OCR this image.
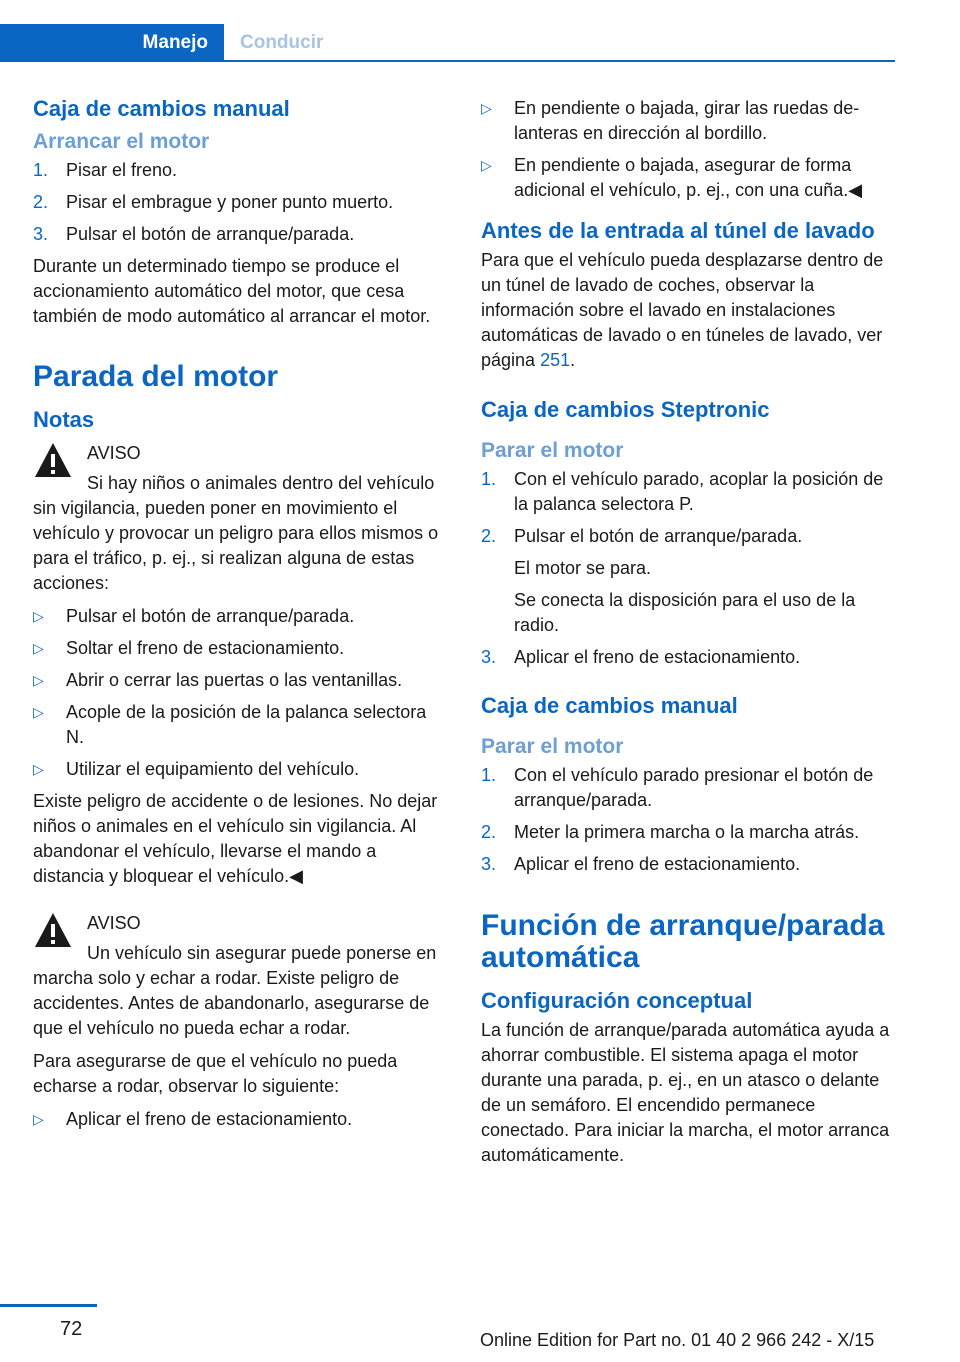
Manejo	Conducir
Caja de cambios manual
Arrancar el motor
1. Pisar el freno.
2. Pisar el embrague y poner punto muerto.
3. Pulsar el botón de arranque/parada.
Durante un determinado tiempo se produce el accionamiento automático del motor, que cesa también de modo automático al arrancar el motor.
Parada del motor
Notas
AVISO
Si hay niños o animales dentro del vehículo sin vigilancia, pueden poner en movimiento el vehículo y provocar un peligro para ellos mismos o para el tráfico, p. ej., si realizan alguna de estas acciones:
▷	Pulsar el botón de arranque/parada.
▷	Soltar el freno de estacionamiento.
▷	Abrir o cerrar las puertas o las ventanillas.
▷	Acople de la posición de la palanca selectora N.
▷	Utilizar el equipamiento del vehículo.
Existe peligro de accidente o de lesiones. No dejar niños o animales en el vehículo sin vigilancia. Al abandonar el vehículo, llevarse el mando a distancia y bloquear el vehículo.◀
AVISO
Un vehículo sin asegurar puede ponerse en marcha solo y echar a rodar. Existe peligro de accidentes. Antes de abandonarlo, asegurarse de que el vehículo no pueda echar a rodar.
Para asegurarse de que el vehículo no pueda echarse a rodar, observar lo siguiente:
▷	Aplicar el freno de estacionamiento.
▷	En pendiente o bajada, girar las ruedas delanteras en dirección al bordillo.
▷	En pendiente o bajada, asegurar de forma adicional el vehículo, p. ej., con una cuña.◀
Antes de la entrada al túnel de lavado
Para que el vehículo pueda desplazarse dentro de un túnel de lavado de coches, observar la información sobre el lavado en instalaciones automáticas de lavado o en túneles de lavado, ver página 251.
Caja de cambios Steptronic
Parar el motor
1. Con el vehículo parado, acoplar la posición de la palanca selectora P.
2. Pulsar el botón de arranque/parada.
El motor se para.
Se conecta la disposición para el uso de la radio.
3. Aplicar el freno de estacionamiento.
Caja de cambios manual
Parar el motor
1. Con el vehículo parado presionar el botón de arranque/parada.
2. Meter la primera marcha o la marcha atrás.
3. Aplicar el freno de estacionamiento.
Función de arranque/parada automática
Configuración conceptual
La función de arranque/parada automática ayuda a ahorrar combustible. El sistema apaga el motor durante una parada, p. ej., en un atasco o delante de un semáforo. El encendido permanece conectado. Para iniciar la marcha, el motor arranca automáticamente.
72	Online Edition for Part no. 01 40 2 966 242 - X/15
